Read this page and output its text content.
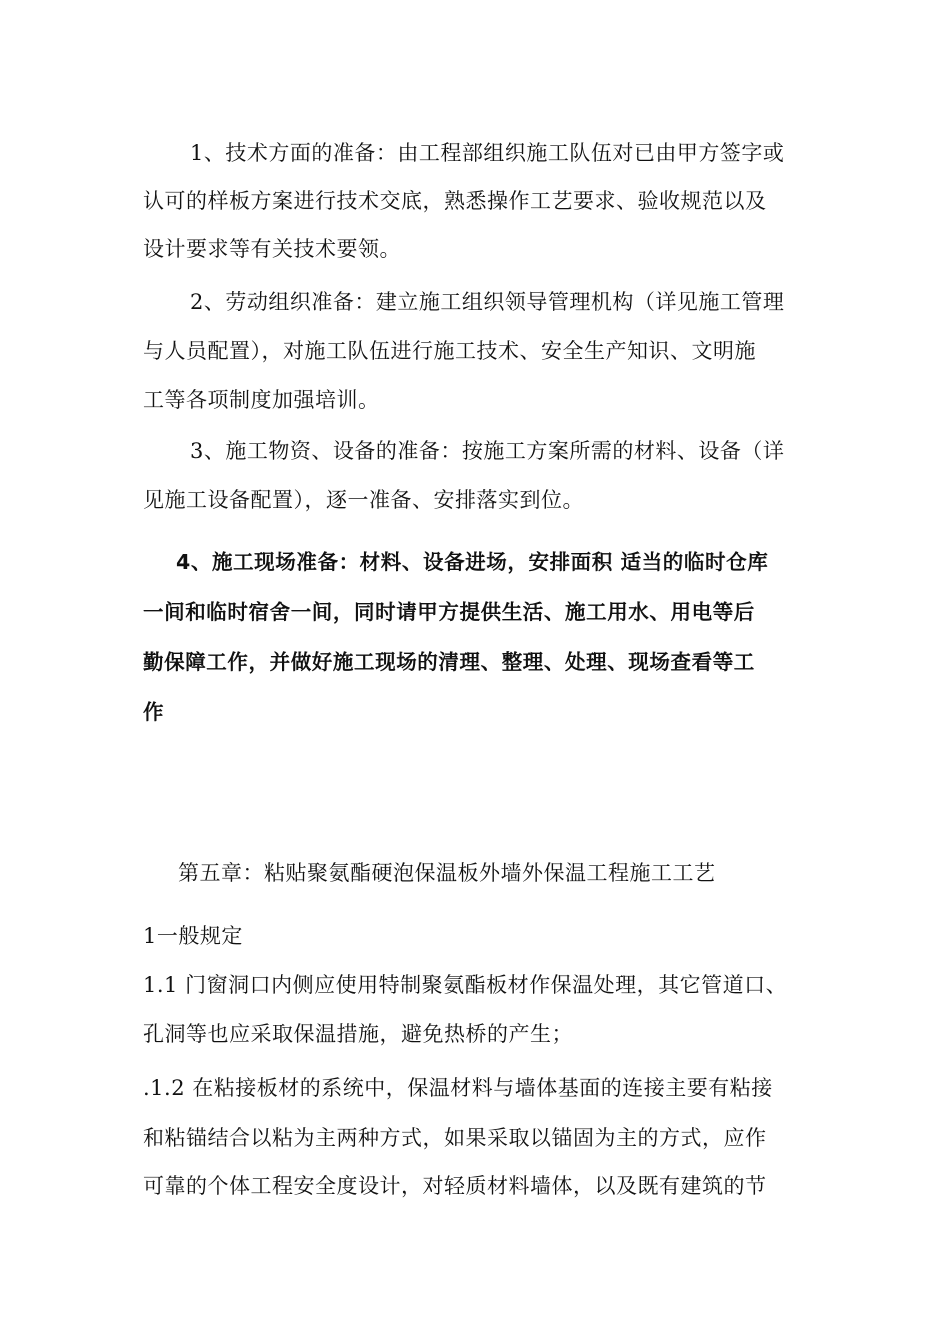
1、技术方面的准备：由工程部组织施工队伍对已由甲方签字或
认可的样板方案进行技术交底，熟悉操作工艺要求、验收规范以及
设计要求等有关技术要领。
2、劳动组织准备：建立施工组织领导管理机构（详见施工管理
与人员配置），对施工队伍进行施工技术、安全生产知识、文明施
工等各项制度加强培训。
3、施工物资、设备的准备：按施工方案所需的材料、设备（详
见施工设备配置），逐一准备、安排落实到位。
4、施工现场准备：材料、设备进场，安排面积 适当的临时仓库
一间和临时宿舍一间，同时请甲方提供生活、施工用水、用电等后
勤保障工作，并做好施工现场的清理、整理、处理、现场查看等工
作
第五章：粘贴聚氨酯硬泡保温板外墙外保温工程施工工艺
1一般规定
1.1 门窗洞口内侧应使用特制聚氨酯板材作保温处理，其它管道口、
孔洞等也应采取保温措施，避免热桥的产生；
.1.2 在粘接板材的系统中，保温材料与墙体基面的连接主要有粘接
和粘锚结合以粘为主两种方式，如果采取以锚固为主的方式，应作
可靠的个体工程安全度设计，对轻质材料墙体，以及既有建筑的节
